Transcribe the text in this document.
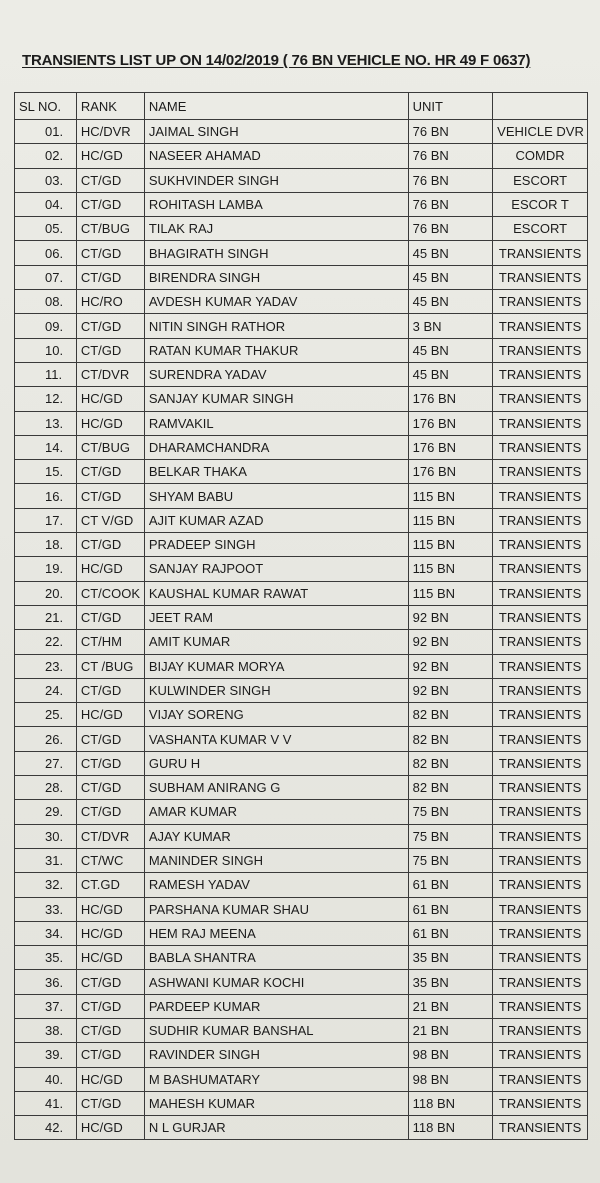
TRANSIENTS LIST UP ON 14/02/2019 ( 76 BN VEHICLE NO. HR 49 F 0637)
SL NO.	RANK	NAME	UNIT	
01.	HC/DVR	JAIMAL SINGH	76 BN	VEHICLE DVR
02.	HC/GD	NASEER AHAMAD	76 BN	COMDR
03.	CT/GD	SUKHVINDER SINGH	76 BN	ESCORT
04.	CT/GD	ROHITASH LAMBA	76 BN	ESCOR T
05.	CT/BUG	TILAK RAJ	76 BN	ESCORT
06.	CT/GD	BHAGIRATH SINGH	45 BN	TRANSIENTS
07.	CT/GD	BIRENDRA SINGH	45 BN	TRANSIENTS
08.	HC/RO	AVDESH KUMAR YADAV	45 BN	TRANSIENTS
09.	CT/GD	NITIN SINGH RATHOR	3 BN	TRANSIENTS
10.	CT/GD	RATAN KUMAR THAKUR	45 BN	TRANSIENTS
11.	CT/DVR	SURENDRA YADAV	45 BN	TRANSIENTS
12.	HC/GD	SANJAY KUMAR SINGH	176 BN	TRANSIENTS
13.	HC/GD	RAMVAKIL	176 BN	TRANSIENTS
14.	CT/BUG	DHARAMCHANDRA	176 BN	TRANSIENTS
15.	CT/GD	BELKAR THAKA	176 BN	TRANSIENTS
16.	CT/GD	SHYAM BABU	115 BN	TRANSIENTS
17.	CT V/GD	AJIT KUMAR AZAD	115 BN	TRANSIENTS
18.	CT/GD	PRADEEP SINGH	115 BN	TRANSIENTS
19.	HC/GD	SANJAY RAJPOOT	115 BN	TRANSIENTS
20.	CT/COOK	KAUSHAL KUMAR RAWAT	115 BN	TRANSIENTS
21.	CT/GD	JEET RAM	92 BN	TRANSIENTS
22.	CT/HM	AMIT KUMAR	92 BN	TRANSIENTS
23.	CT /BUG	BIJAY KUMAR MORYA	92 BN	TRANSIENTS
24.	CT/GD	KULWINDER SINGH	92 BN	TRANSIENTS
25.	HC/GD	VIJAY SORENG	82 BN	TRANSIENTS
26.	CT/GD	VASHANTA KUMAR V V	82 BN	TRANSIENTS
27.	CT/GD	GURU H	82 BN	TRANSIENTS
28.	CT/GD	SUBHAM ANIRANG G	82 BN	TRANSIENTS
29.	CT/GD	AMAR KUMAR	75 BN	TRANSIENTS
30.	CT/DVR	AJAY KUMAR	75 BN	TRANSIENTS
31.	CT/WC	MANINDER SINGH	75 BN	TRANSIENTS
32.	CT.GD	RAMESH YADAV	61 BN	TRANSIENTS
33.	HC/GD	PARSHANA KUMAR SHAU	61 BN	TRANSIENTS
34.	HC/GD	HEM RAJ MEENA	61 BN	TRANSIENTS
35.	HC/GD	BABLA SHANTRA	35 BN	TRANSIENTS
36.	CT/GD	ASHWANI KUMAR KOCHI	35 BN	TRANSIENTS
37.	CT/GD	PARDEEP KUMAR	21 BN	TRANSIENTS
38.	CT/GD	SUDHIR KUMAR BANSHAL	21 BN	TRANSIENTS
39.	CT/GD	RAVINDER SINGH	98 BN	TRANSIENTS
40.	HC/GD	M BASHUMATARY	98 BN	TRANSIENTS
41.	CT/GD	MAHESH KUMAR	118 BN	TRANSIENTS
42.	HC/GD	N L GURJAR	118 BN	TRANSIENTS
